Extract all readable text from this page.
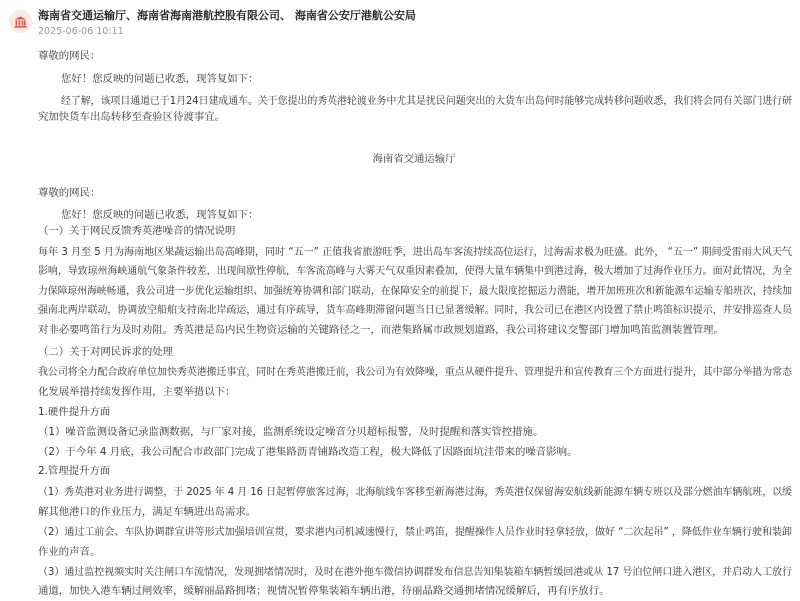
海南省交通运输厅、海南省海南港航控股有限公司、 海南省公安厅港航公安局
2025-06-06 10:11
尊敬的网民：
您好！您反映的问题已收悉，现答复如下：
经了解，该项目通道已于1月24日建成通车。关于您提出的秀英港轮渡业务中尤其是扰民问题突出的大货车出岛何时能够完成转移问题收悉，我们将会同有关部门进行研
究加快货车出岛转移至查验区待渡事宜。
海南省交通运输厅
尊敬的网民：
您好！您反映的问题已收悉，现答复如下：
（一）关于网民反馈秀英港噪音的情况说明
每年 3 月至 5 月为海南地区果蔬运输出岛高峰期，同时 “五一” 正值我省旅游旺季，进出岛车客流持续高位运行，过海需求极为旺盛。此外， “五一” 期间受雷雨大风天气
影响，导致琼州海峡通航气象条件较差，出现间歇性停航，车客流高峰与大雾天气双重因素叠加，使得大量车辆集中到港过海，极大增加了过海作业压力。面对此情况，为全
力保障琼州海峡畅通，我公司进一步优化运输组织、加强统筹协调和部门联动，在保障安全的前提下，最大限度挖掘运力潜能，增开加班班次和新能源车运输专船班次，持续加
强南北两岸联动，协调放空船舶支持南北岸疏运，通过有序疏导，货车高峰期滞留问题当日已显著缓解。同时，我公司已在港区内设置了禁止鸣笛标识提示，并安排巡查人员
对非必要鸣笛行为及时劝阻。秀英港是岛内民生物资运输的关键路径之一，而港集路属市政规划道路，我公司将建议交警部门增加鸣笛监测装置管理。
（二）关于对网民诉求的处理
我公司将全力配合政府单位加快秀英港搬迁事宜，同时在秀英港搬迁前，我公司为有效降噪，重点从硬件提升、管理提升和宣传教育三个方面进行提升，其中部分举措为常态
化发展举措持续发挥作用，主要举措以下：
1.硬件提升方面
（1）噪音监测设备记录监测数据，与厂家对接，监测系统设定噪音分贝超标报警，及时提醒和落实管控措施。
（2）于今年 4 月底，我公司配合市政部门完成了港集路沥青铺路改造工程，极大降低了因路面坑洼带来的噪音影响。
2.管理提升方面
（1）秀英港对业务进行调整，于 2025 年 4 月 16 日起暂停旅客过海，北海航线车客移至新海港过海，秀英港仅保留海安航线新能源车辆专班以及部分燃油车辆航班，以缓
解其他港口的作业压力，满足车辆进出岛需求。
（2）通过工前会、车队协调群宣讲等形式加强培训宣贯，要求港内司机减速慢行，禁止鸣笛，提醒操作人员作业时轻拿轻放，做好 “二次起吊” ，降低作业车辆行驶和装卸
作业的声音。
（3）通过监控视频实时关注闸口车流情况，发现拥堵情况时，及时在港外拖车微信协调群发布信息告知集装箱车辆暂缓回港或从 17 号泊位闸口进入港区，并启动人工放行
通道，加快入港车辆过闸效率，缓解丽晶路拥堵；视情况暂停集装箱车辆出港，待丽晶路交通拥堵情况缓解后，再有序放行。
